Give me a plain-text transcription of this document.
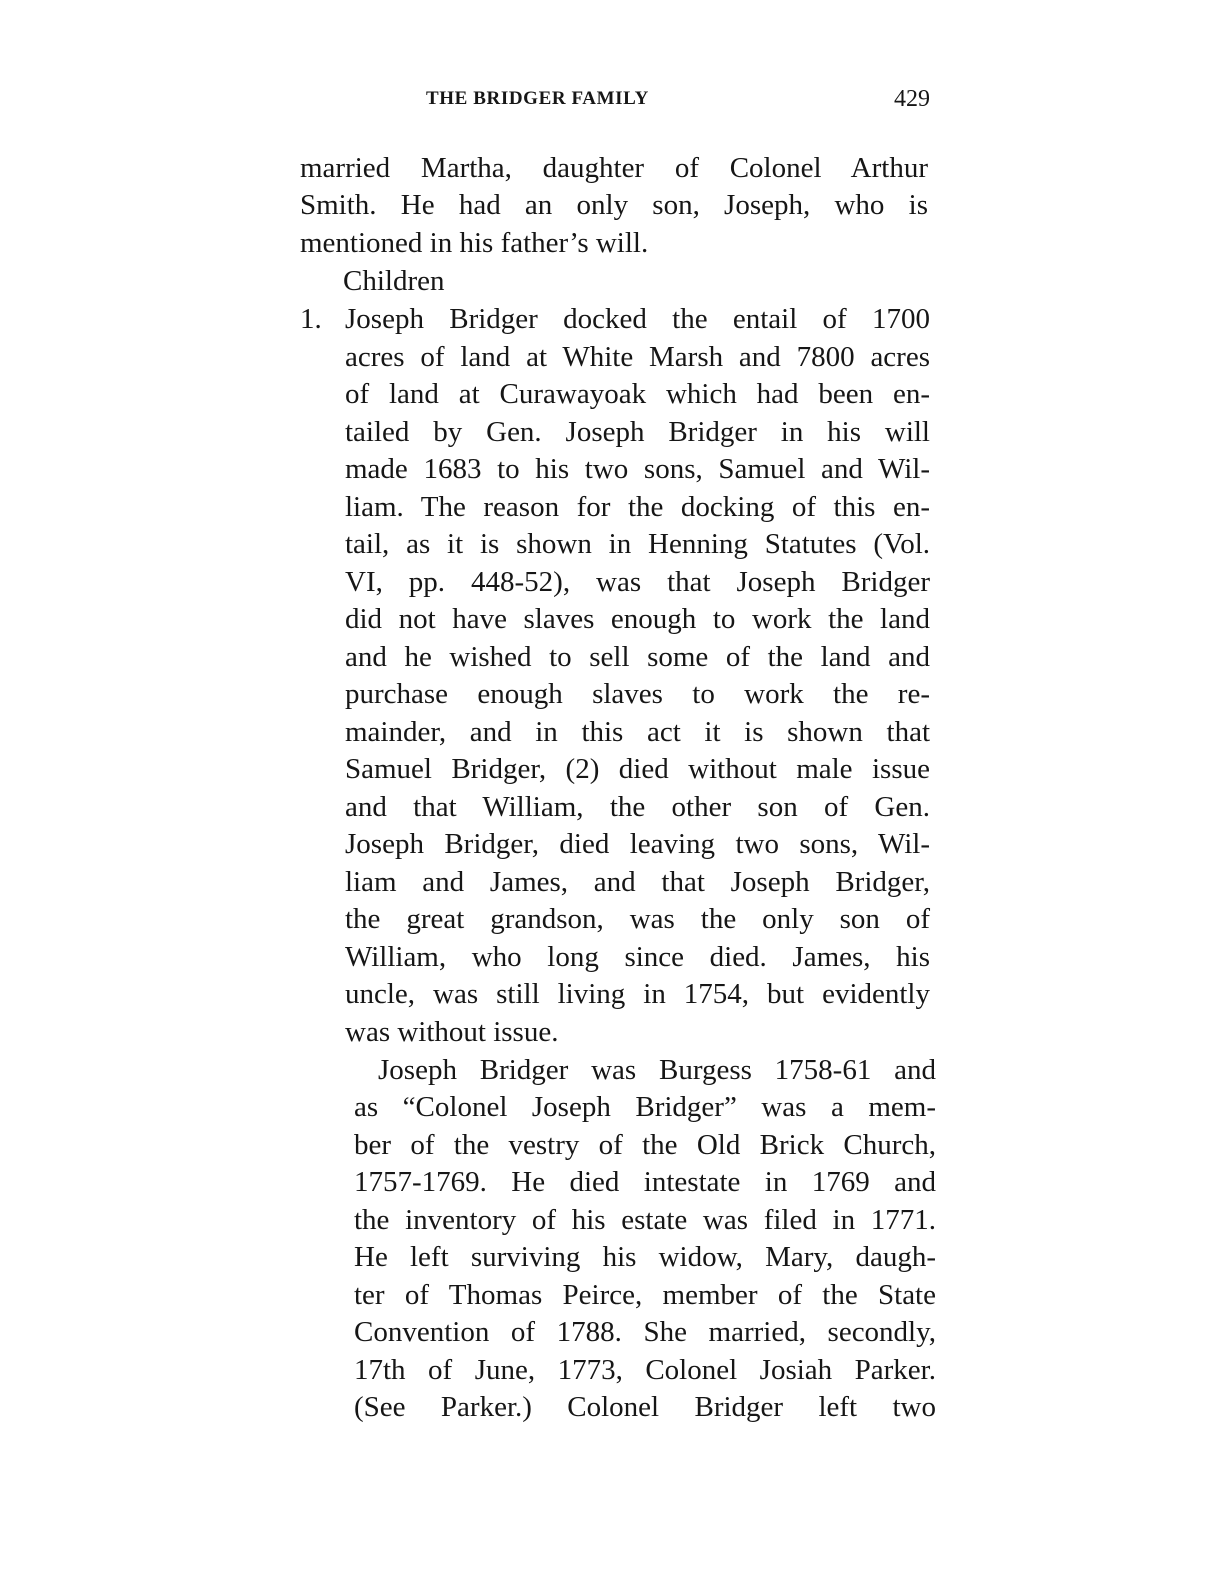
THE BRIDGER FAMILY	429
married Martha, daughter of Colonel Arthur
Smith. He had an only son, Joseph, who is
mentioned in his father’s will.
Children
1. Joseph Bridger docked the entail of 1700
acres of land at White Marsh and 7800 acres
of land at Curawayoak which had been en-
tailed by Gen. Joseph Bridger in his will
made 1683 to his two sons, Samuel and Wil-
liam. The reason for the docking of this en-
tail, as it is shown in Henning Statutes (Vol.
VI, pp. 448-52), was that Joseph Bridger
did not have slaves enough to work the land
and he wished to sell some of the land and
purchase enough slaves to work the re-
mainder, and in this act it is shown that
Samuel Bridger, (2) died without male issue
and that William, the other son of Gen.
Joseph Bridger, died leaving two sons, Wil-
liam and James, and that Joseph Bridger,
the great grandson, was the only son of
William, who long since died. James, his
uncle, was still living in 1754, but evidently
was without issue.
Joseph Bridger was Burgess 1758-61 and
as “Colonel Joseph Bridger” was a mem-
ber of the vestry of the Old Brick Church,
1757-1769. He died intestate in 1769 and
the inventory of his estate was filed in 1771.
He left surviving his widow, Mary, daugh-
ter of Thomas Peirce, member of the State
Convention of 1788. She married, secondly,
17th of June, 1773, Colonel Josiah Parker.
(See Parker.) Colonel Bridger left two
